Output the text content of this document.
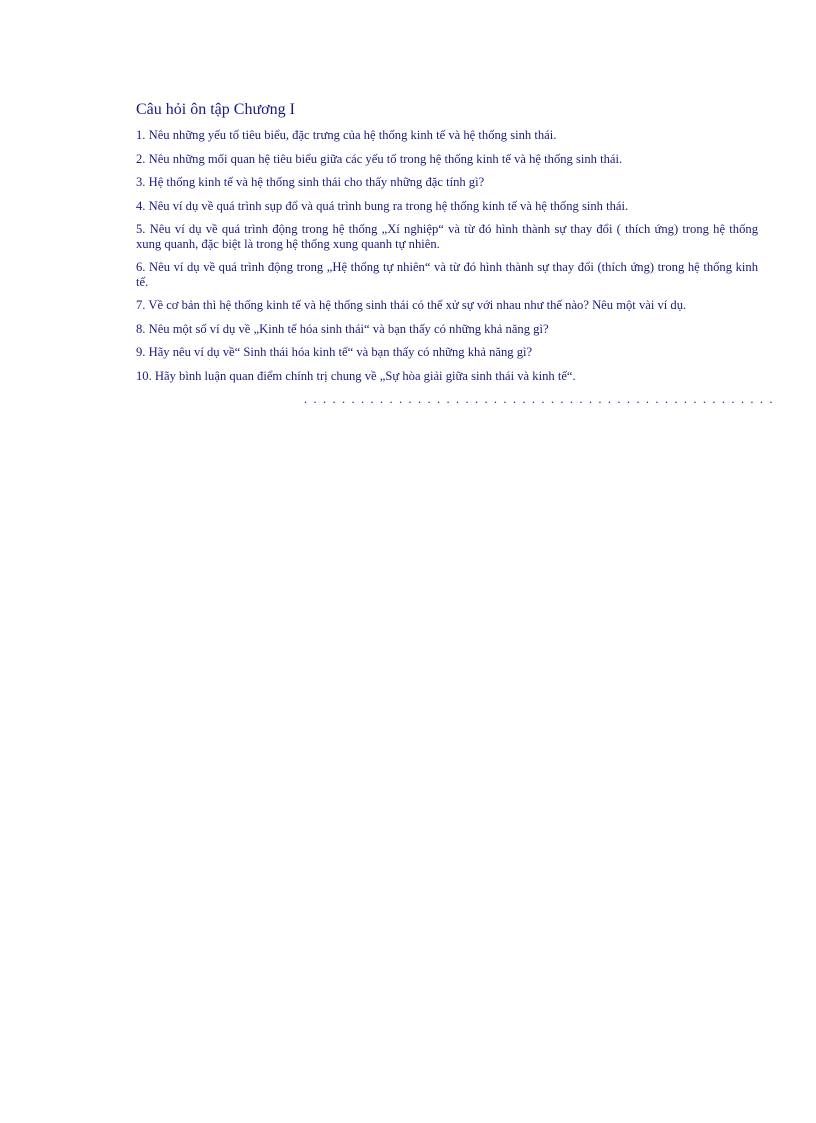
Câu hỏi ôn tập Chương I
1. Nêu những yếu tố tiêu biểu, đặc trưng của hệ thống kinh tế và hệ thống sinh thái.
2. Nêu những mối quan hệ tiêu biểu giữa các yếu tố trong hệ thống kinh tế và hệ thống sinh thái.
3. Hệ thống kinh tế và hệ thống sinh thái cho thấy những đặc tính gì?
4. Nêu ví dụ về quá trình sụp đổ và quá trình bung ra trong hệ thống kinh tế và hệ thống sinh thái.
5. Nêu ví dụ về quá trình động trong hệ thống „Xí nghiệp“ và từ đó hình thành sự thay đổi ( thích ứng) trong hệ thống xung quanh, đặc biệt là trong hệ thống xung quanh tự nhiên.
6. Nêu ví dụ về quá trình động trong „Hệ thống tự nhiên“ và từ đó hình thành sự thay đổi (thích ứng) trong hệ thống kinh tế.
7. Về cơ bản thì hệ thống kinh tế và hệ thống sinh thái có thể xử sự với nhau như thế nào? Nêu một vài ví dụ.
8. Nêu một số ví dụ về „Kinh tế hóa sinh thái“ và bạn thấy có những khả năng gì?
9. Hãy nêu ví dụ về“ Sinh thái hóa kinh tế“ và bạn thấy có những khả năng gì?
10. Hãy bình luận quan điểm chính trị chung về „Sự hòa giải giữa sinh thái và kinh tế“.
. . . . . . . . . . . . . . . . . . . . . . . . . . . . . . . . . . . . . . . . . . . . . . . . . .
